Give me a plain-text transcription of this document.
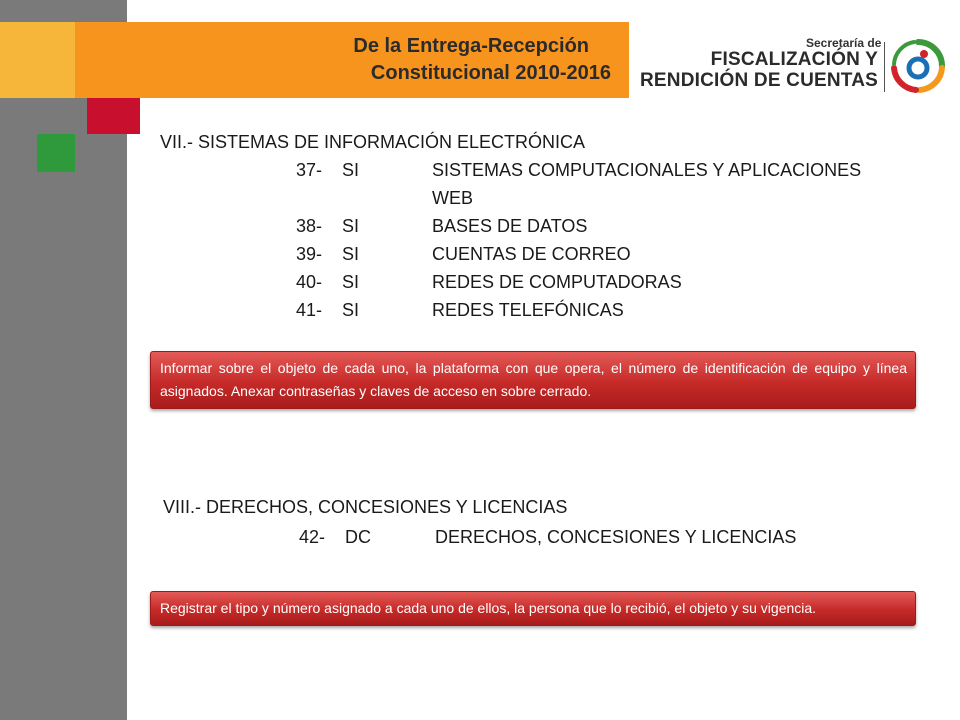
De la Entrega-Recepción
Constitucional 2010-2016
Secretaría de
FISCALIZACIÓN Y
RENDICIÓN DE CUENTAS
VII.- SISTEMAS DE INFORMACIÓN ELECTRÓNICA
37- SI	SISTEMAS COMPUTACIONALES Y APLICACIONES
WEB
38- SI	BASES DE DATOS
39- SI	CUENTAS DE CORREO
40- SI	REDES DE COMPUTADORAS
41- SI	REDES TELEFÓNICAS
Informar sobre el objeto de cada uno, la plataforma con que opera, el número de identificación de equipo y línea asignados. Anexar contraseñas y claves de acceso en sobre cerrado.
VIII.- DERECHOS, CONCESIONES Y LICENCIAS
42- DC	DERECHOS, CONCESIONES Y LICENCIAS
Registrar el tipo y número asignado a cada uno de ellos, la persona que lo recibió, el objeto y su vigencia.
